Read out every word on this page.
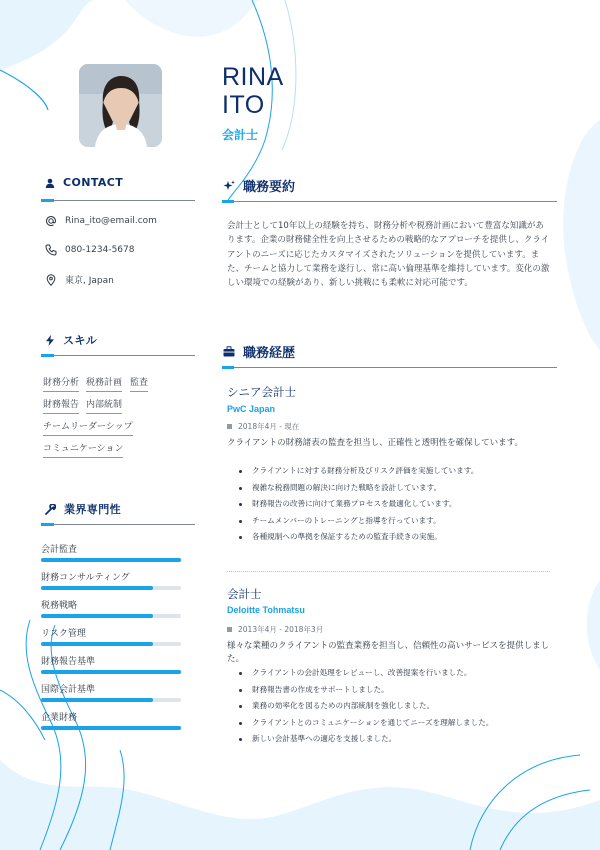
RINA
ITO
会計士
CONTACT
Rina_ito@email.com
080-1234-5678
東京, Japan
スキル
財務分析 税務計画 監査
財務報告 内部統制
チームリーダーシップ
コミュニケーション
業界専門性
会計監査
財務コンサルティング
税務戦略
リスク管理
財務報告基準
国際会計基準
企業財務
職務要約
会計士として10年以上の経験を持ち、財務分析や税務計画において豊富な知識があります。企業の財務健全性を向上させるための戦略的なアプローチを提供し、クライアントのニーズに応じたカスタマイズされたソリューションを提供しています。また、チームと協力して業務を遂行し、常に高い倫理基準を維持しています。変化の激しい環境での経験があり、新しい挑戦にも柔軟に対応可能です。
職務経歴
シニア会計士
PwC Japan
2018年4月 - 現在
クライアントの財務諸表の監査を担当し、正確性と透明性を確保しています。
クライアントに対する財務分析及びリスク評価を実施しています。
複雑な税務問題の解決に向けた戦略を設計しています。
財務報告の改善に向けて業務プロセスを最適化しています。
チームメンバーのトレーニングと指導を行っています。
各種規制への準拠を保証するための監査手続きの実施。
会計士
Deloitte Tohmatsu
2013年4月 - 2018年3月
様々な業種のクライアントの監査業務を担当し、信頼性の高いサービスを提供しました。
クライアントの会計処理をレビューし、改善提案を行いました。
財務報告書の作成をサポートしました。
業務の効率化を図るための内部統制を強化しました。
クライアントとのコミュニケーションを通じてニーズを理解しました。
新しい会計基準への適応を支援しました。
